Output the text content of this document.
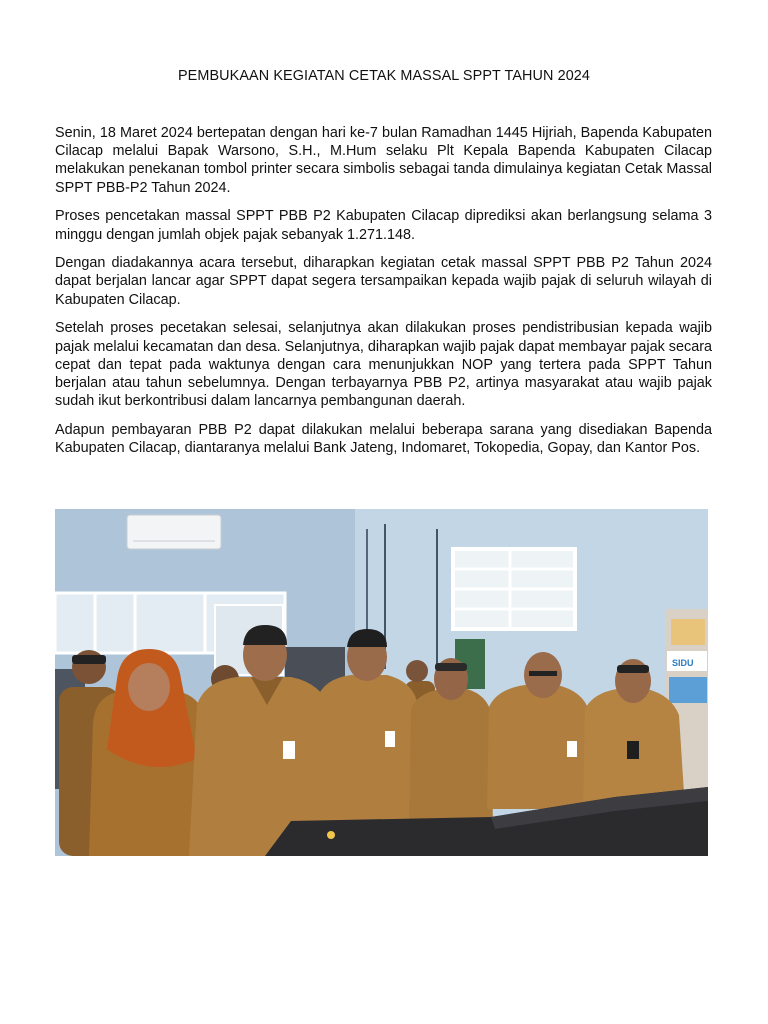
PEMBUKAAN KEGIATAN CETAK MASSAL SPPT TAHUN 2024

Senin, 18 Maret 2024 bertepatan dengan hari ke-7 bulan Ramadhan 1445 Hijriah, Bapenda Kabupaten Cilacap melalui Bapak Warsono, S.H., M.Hum selaku Plt Kepala Bapenda Kabupaten Cilacap melakukan penekanan tombol printer secara simbolis sebagai tanda dimulainya kegiatan Cetak Massal SPPT PBB-P2 Tahun 2024.

Proses pencetakan massal SPPT PBB P2 Kabupaten Cilacap diprediksi akan berlangsung selama 3 minggu dengan jumlah objek pajak sebanyak 1.271.148.

Dengan diadakannya acara tersebut, diharapkan kegiatan cetak massal SPPT PBB P2 Tahun 2024 dapat berjalan lancar agar SPPT dapat segera tersampaikan kepada wajib pajak di seluruh wilayah di Kabupaten Cilacap.

Setelah proses pecetakan selesai, selanjutnya akan dilakukan proses pendistribusian kepada wajib pajak melalui kecamatan dan desa. Selanjutnya, diharapkan wajib pajak dapat membayar pajak secara cepat dan tepat pada waktunya dengan cara menunjukkan NOP yang tertera pada SPPT Tahun berjalan atau tahun sebelumnya. Dengan terbayarnya PBB P2, artinya masyarakat atau wajib pajak sudah ikut berkontribusi dalam lancarnya pembangunan daerah.

Adapun pembayaran PBB P2 dapat dilakukan melalui beberapa sarana yang disediakan Bapenda Kabupaten Cilacap, diantaranya melalui Bank Jateng, Indomaret, Tokopedia, Gopay, dan Kantor Pos.

SIDU
